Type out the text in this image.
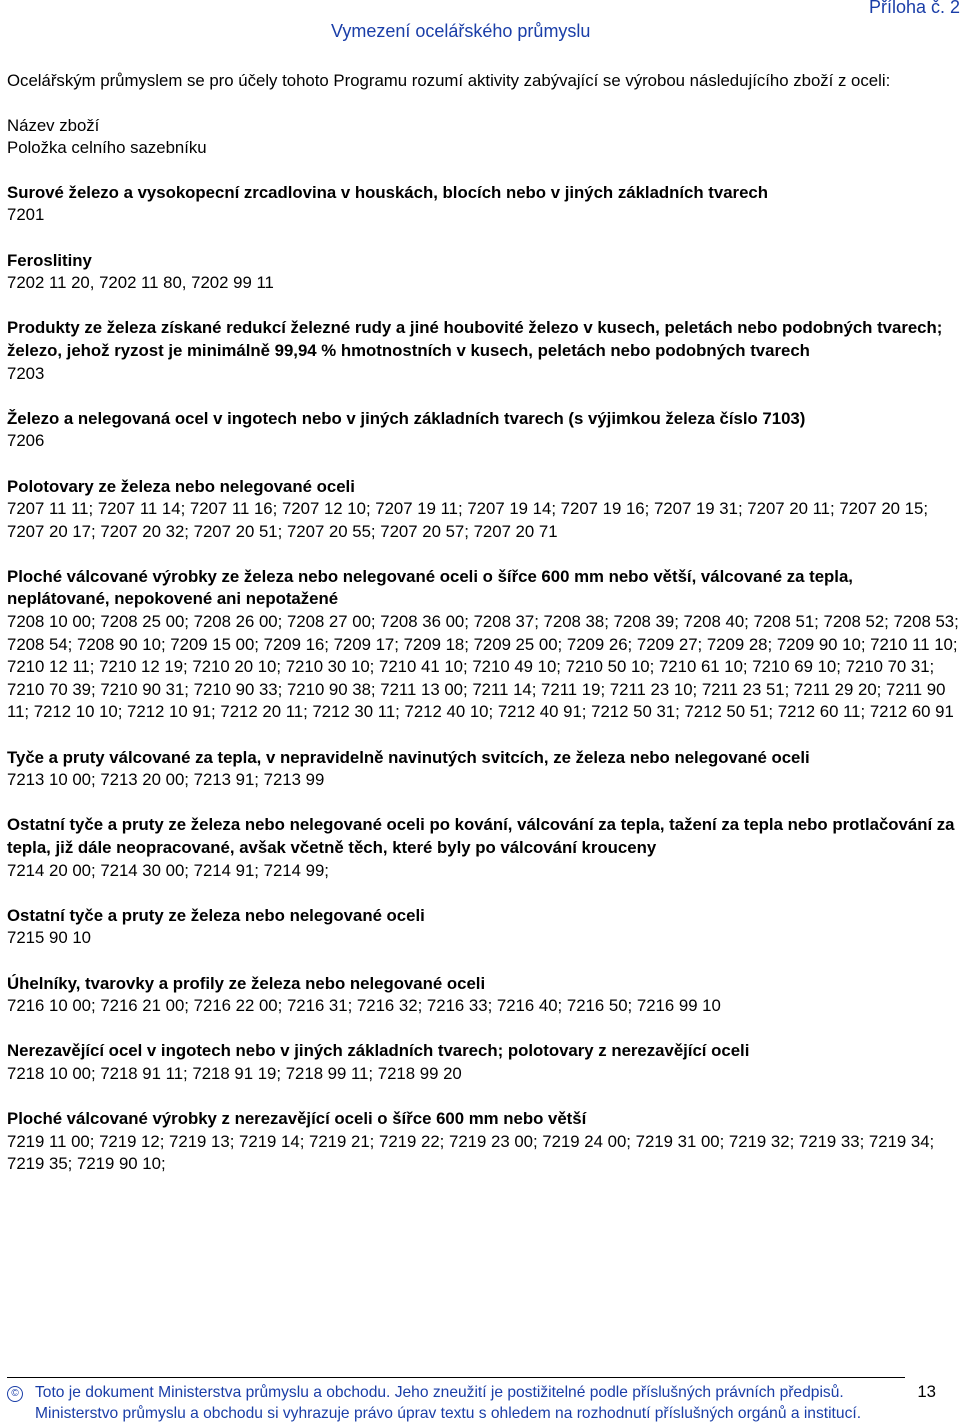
Vymezení ocelářského průmyslu
Příloha č. 2

Ocelářským průmyslem se pro účely tohoto Programu rozumí aktivity zabývající se výrobou následujícího zboží z oceli:

Název zboží

Položka celního sazebníku

Surové železo a vysokopecní zrcadlovina v houskách, blocích nebo v jiných základních tvarech

7201

Feroslitiny

7202 11 20, 7202 11 80, 7202 99 11

Produkty ze železa získané redukcí železné rudy a jiné houbovité železo v kusech, peletách nebo podobných tvarech; železo, jehož ryzost je minimálně 99,94 % hmotnostních v kusech, peletách nebo podobných tvarech

7203

Železo a nelegovaná ocel v ingotech nebo v jiných základních tvarech (s výjimkou železa číslo 7103)

7206

Polotovary ze železa nebo nelegované oceli

7207 11 11; 7207 11 14; 7207 11 16; 7207 12 10; 7207 19 11; 7207 19 14; 7207 19 16; 7207 19 31; 7207 20 11; 7207 20 15; 7207 20 17; 7207 20 32; 7207 20 51; 7207 20 55; 7207 20 57; 7207 20 71

Ploché válcované výrobky ze železa nebo nelegované oceli o šířce 600 mm nebo větší, válcované za tepla, neplátované, nepokovené ani nepotažené

7208 10 00; 7208 25 00; 7208 26 00; 7208 27 00; 7208 36 00; 7208 37; 7208 38; 7208 39; 7208 40; 7208 51; 7208 52; 7208 53; 7208 54; 7208 90 10; 7209 15 00; 7209 16; 7209 17; 7209 18; 7209 25 00; 7209 26; 7209 27; 7209 28; 7209 90 10; 7210 11 10; 7210 12 11; 7210 12 19; 7210 20 10; 7210 30 10; 7210 41 10; 7210 49 10; 7210 50 10; 7210 61 10; 7210 69 10; 7210 70 31; 7210 70 39; 7210 90 31; 7210 90 33; 7210 90 38; 7211 13 00; 7211 14; 7211 19; 7211 23 10; 7211 23 51; 7211 29 20; 7211 90 11; 7212 10 10; 7212 10 91; 7212 20 11; 7212 30 11; 7212 40 10; 7212 40 91; 7212 50 31; 7212 50 51; 7212 60 11; 7212 60 91

Tyče a pruty válcované za tepla, v nepravidelně navinutých svitcích, ze železa nebo nelegované oceli

7213 10 00; 7213 20 00; 7213 91; 7213 99

Ostatní tyče a pruty ze železa nebo nelegované oceli po kování, válcování za tepla, tažení za tepla nebo protlačování za tepla, již dále neopracované, avšak včetně těch, které byly po válcování krouceny

7214 20 00; 7214 30 00; 7214 91; 7214 99;

Ostatní tyče a pruty ze železa nebo nelegované oceli

7215 90 10

Úhelníky, tvarovky a profily ze železa nebo nelegované oceli

7216 10 00; 7216 21 00; 7216 22 00; 7216 31; 7216 32; 7216 33; 7216 40; 7216 50; 7216 99 10

Nerezavějící ocel v ingotech nebo v jiných základních tvarech; polotovary z nerezavějící oceli

7218 10 00; 7218 91 11; 7218 91 19; 7218 99 11; 7218 99 20

Ploché válcované výrobky z nerezavějící oceli o šířce 600 mm nebo větší

7219 11 00; 7219 12; 7219 13; 7219 14; 7219 21; 7219 22; 7219 23 00; 7219 24 00; 7219 31 00; 7219 32; 7219 33; 7219 34; 7219 35; 7219 90 10;

© Toto je dokument Ministerstva průmyslu a obchodu. Jeho zneužití je postižitelné podle příslušných právních předpisů.
Ministerstvo průmyslu a obchodu si vyhrazuje právo úprav textu s ohledem na rozhodnutí příslušných orgánů a institucí.
13
